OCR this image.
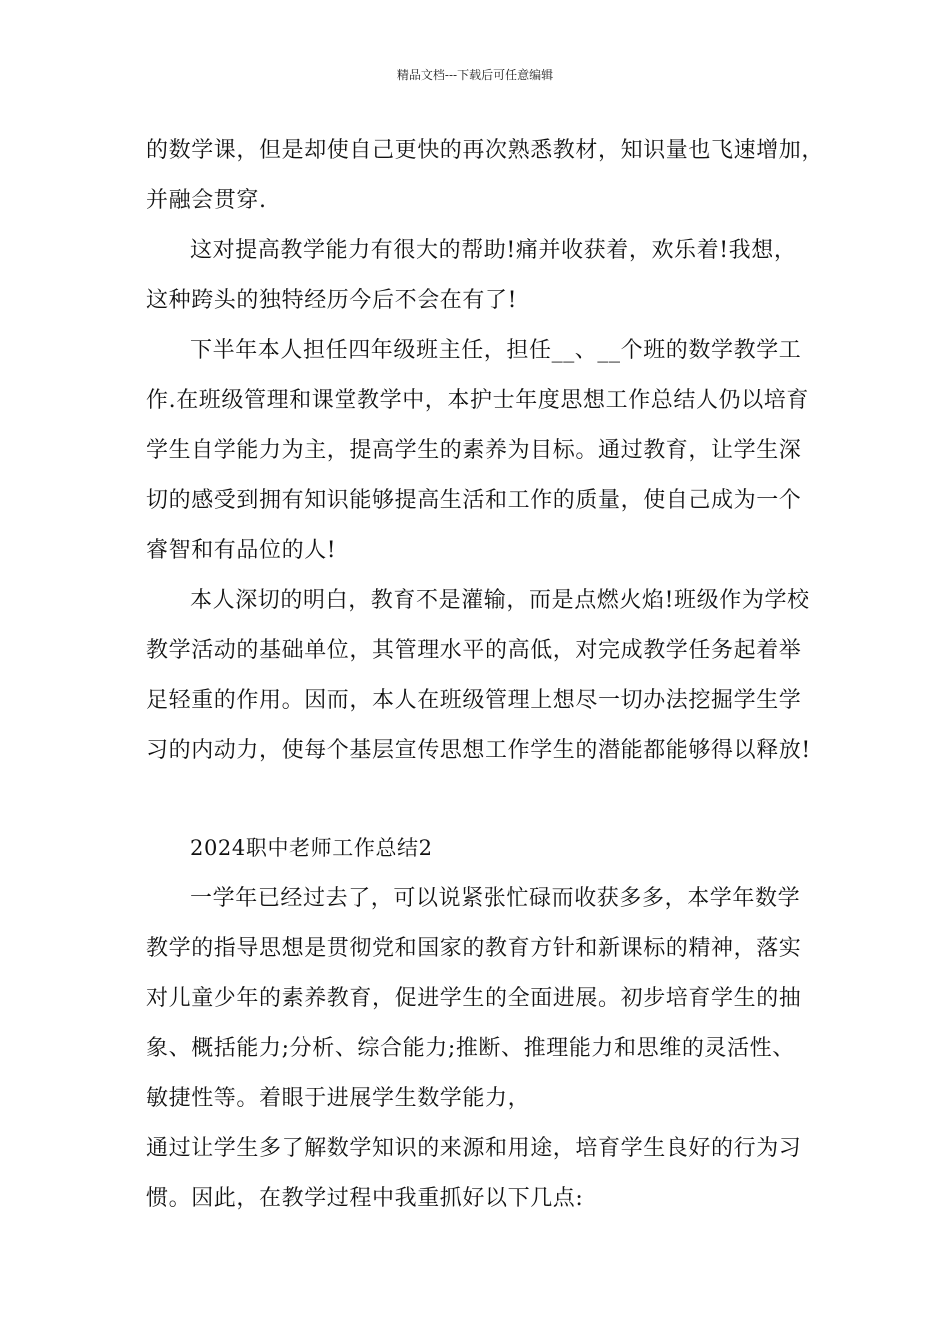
精品文档---下载后可任意编辑
的数学课，但是却使自己更快的再次熟悉教材，知识量也飞速增加，
并融会贯穿.
这对提高教学能力有很大的帮助!痛并收获着，欢乐着!我想，
这种跨头的独特经历今后不会在有了!
下半年本人担任四年级班主任，担任__、__个班的数学教学工
作.在班级管理和课堂教学中，本护士年度思想工作总结人仍以培育
学生自学能力为主，提高学生的素养为目标。通过教育，让学生深
切的感受到拥有知识能够提高生活和工作的质量，使自己成为一个
睿智和有品位的人!
本人深切的明白，教育不是灌输，而是点燃火焰!班级作为学校
教学活动的基础单位，其管理水平的高低，对完成教学任务起着举
足轻重的作用。因而，本人在班级管理上想尽一切办法挖掘学生学
习的内动力，使每个基层宣传思想工作学生的潜能都能够得以释放!
2024职中老师工作总结2
一学年已经过去了，可以说紧张忙碌而收获多多，本学年数学
教学的指导思想是贯彻党和国家的教育方针和新课标的精神，落实
对儿童少年的素养教育，促进学生的全面进展。初步培育学生的抽
象、概括能力;分析、综合能力;推断、推理能力和思维的灵活性、
敏捷性等。着眼于进展学生数学能力，
通过让学生多了解数学知识的来源和用途，培育学生良好的行为习
惯。因此，在教学过程中我重抓好以下几点:
